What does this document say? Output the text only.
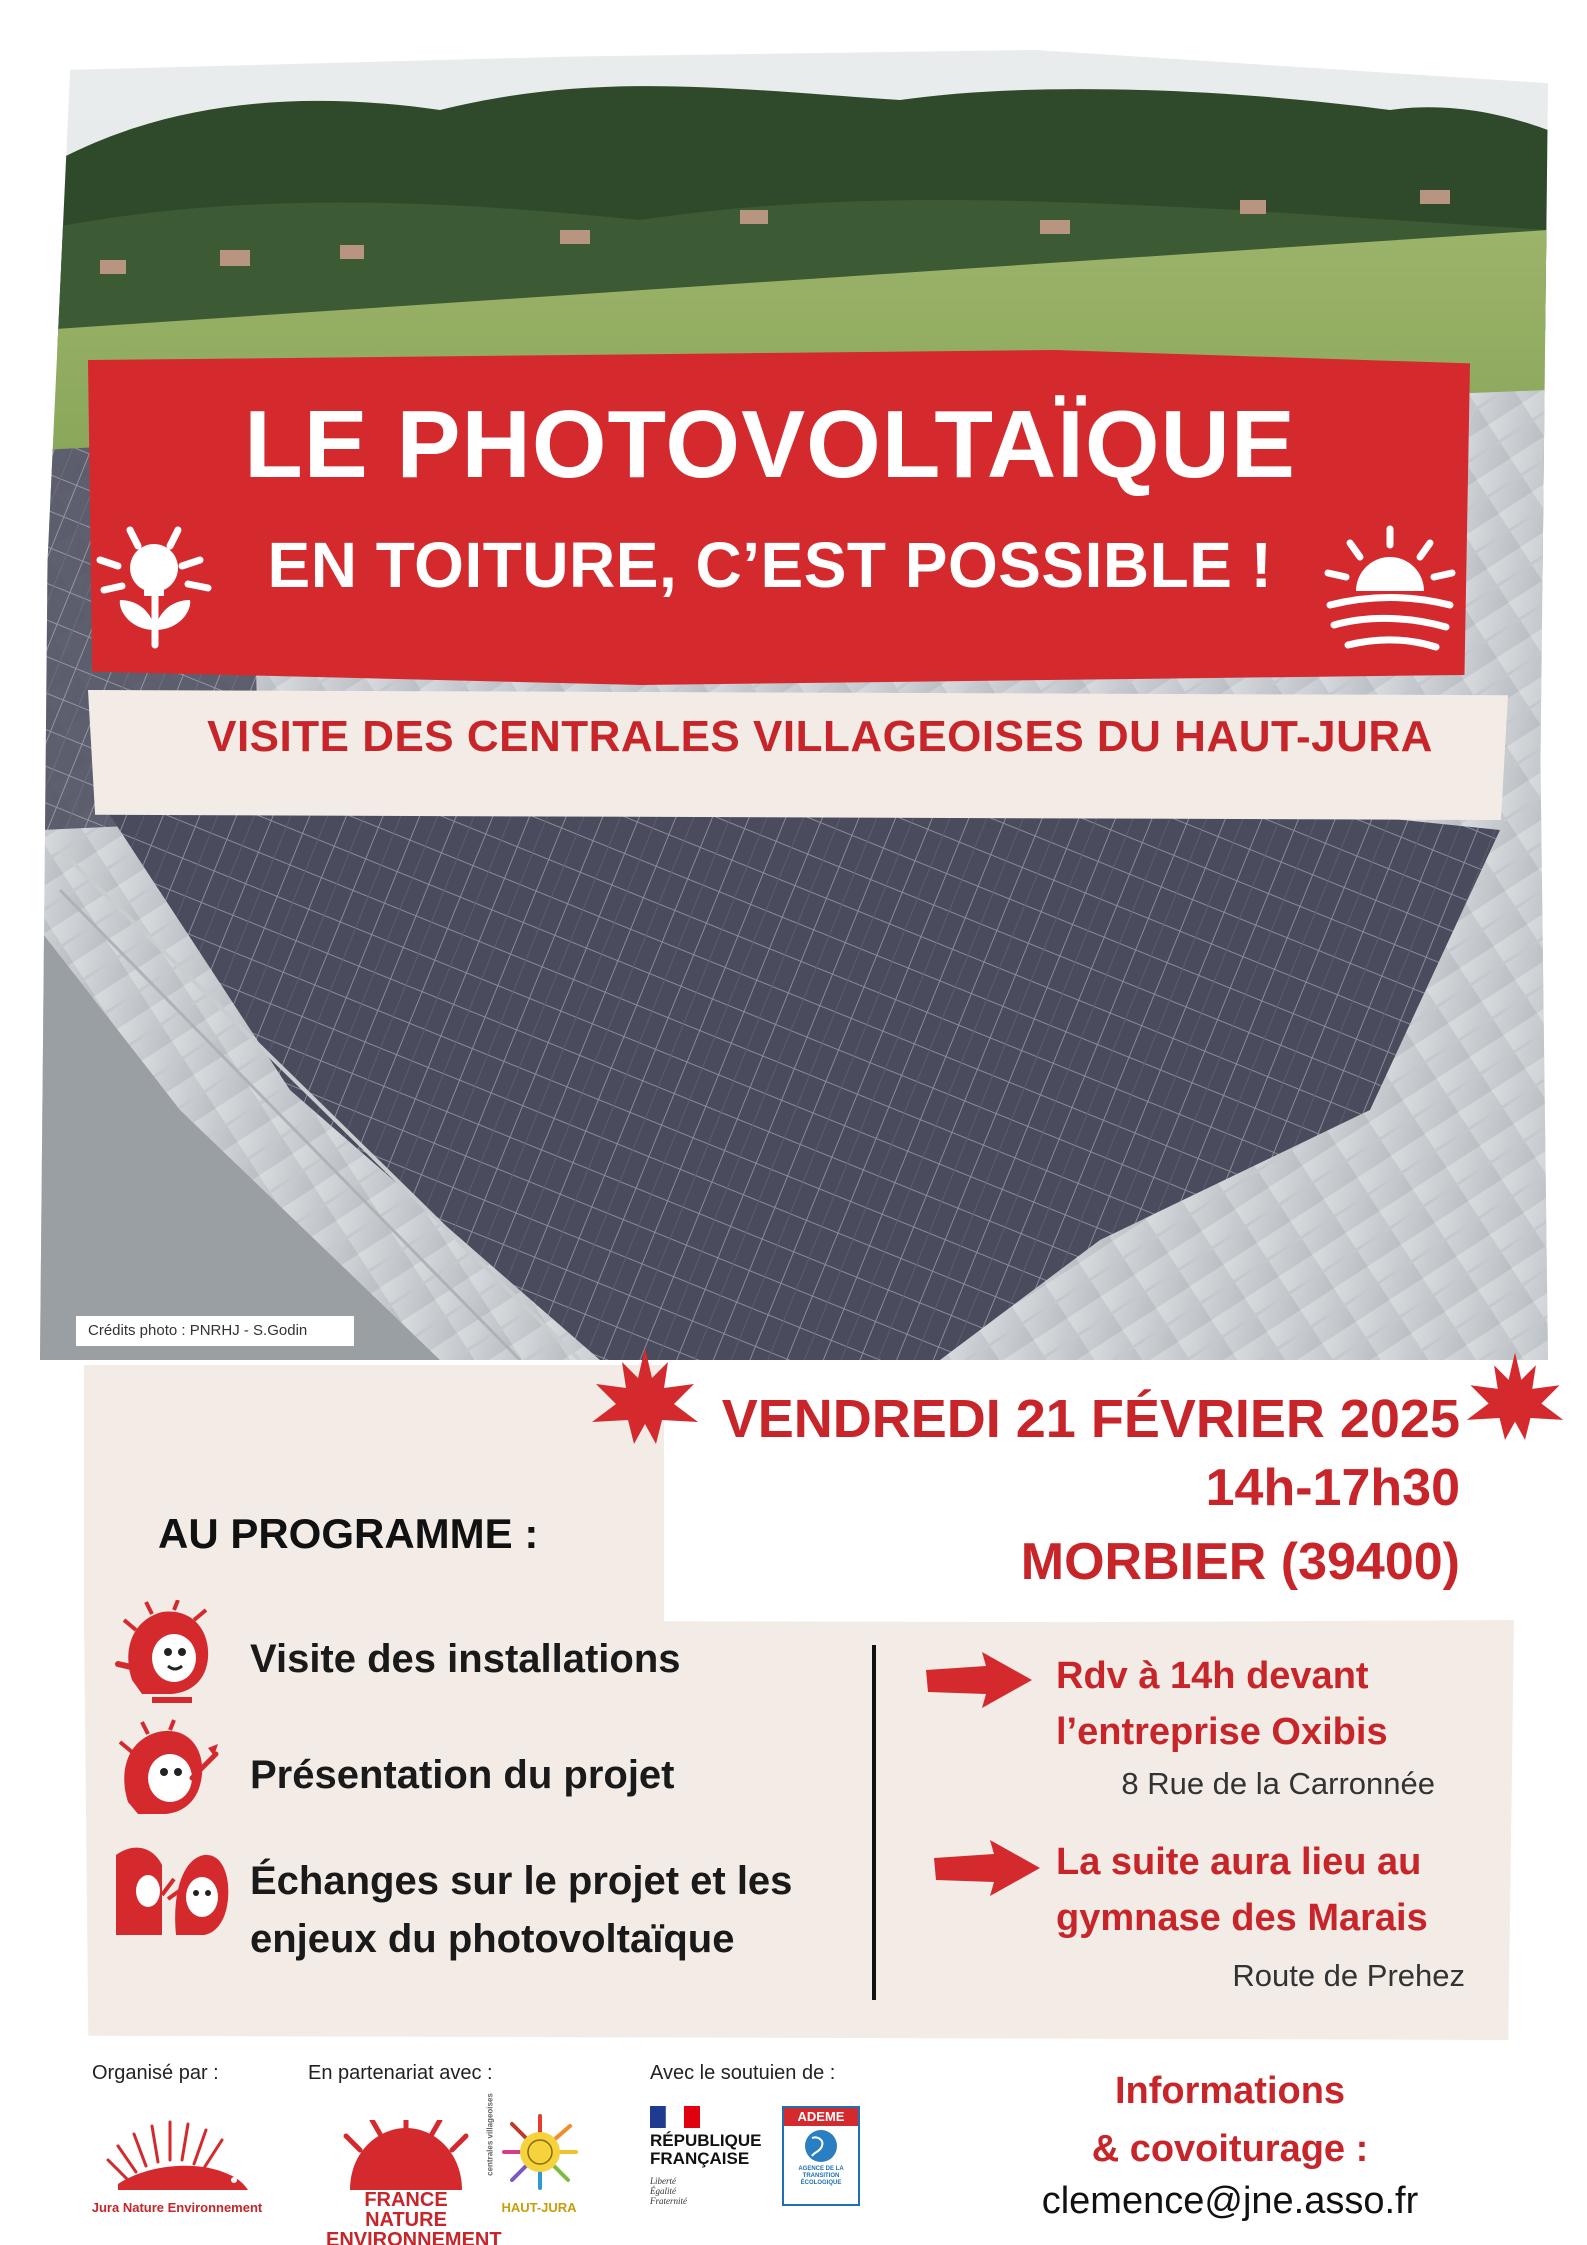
Crédits photo : PNRHJ - S.Godin
LE PHOTOVOLTAÏQUE
EN TOITURE, C’EST POSSIBLE !
VISITE DES CENTRALES VILLAGEOISES DU HAUT-JURA
VENDREDI 21 FÉVRIER 2025
14h-17h30
MORBIER (39400)
AU PROGRAMME :
Visite des installations
Présentation du projet
Échanges sur le projet et les
enjeux du photovoltaïque
Rdv à 14h devant
l’entreprise Oxibis
8 Rue de la Carronnée
La suite aura lieu au
gymnase des Marais
Route de Prehez
Organisé par :	En partenariat avec :	Avec le soutuien de :
Jura Nature Environnement	FRANCE NATURE
ENVIRONNEMENT
HAUT-JURA
centrales villageoises	RÉPUBLIQUE
FRANÇAISE
Liberté
Égalité
Fraternité
ADEME
AGENCE DE LA
TRANSITION
ÉCOLOGIQUE
Informations
& covoiturage :
clemence@jne.asso.fr
